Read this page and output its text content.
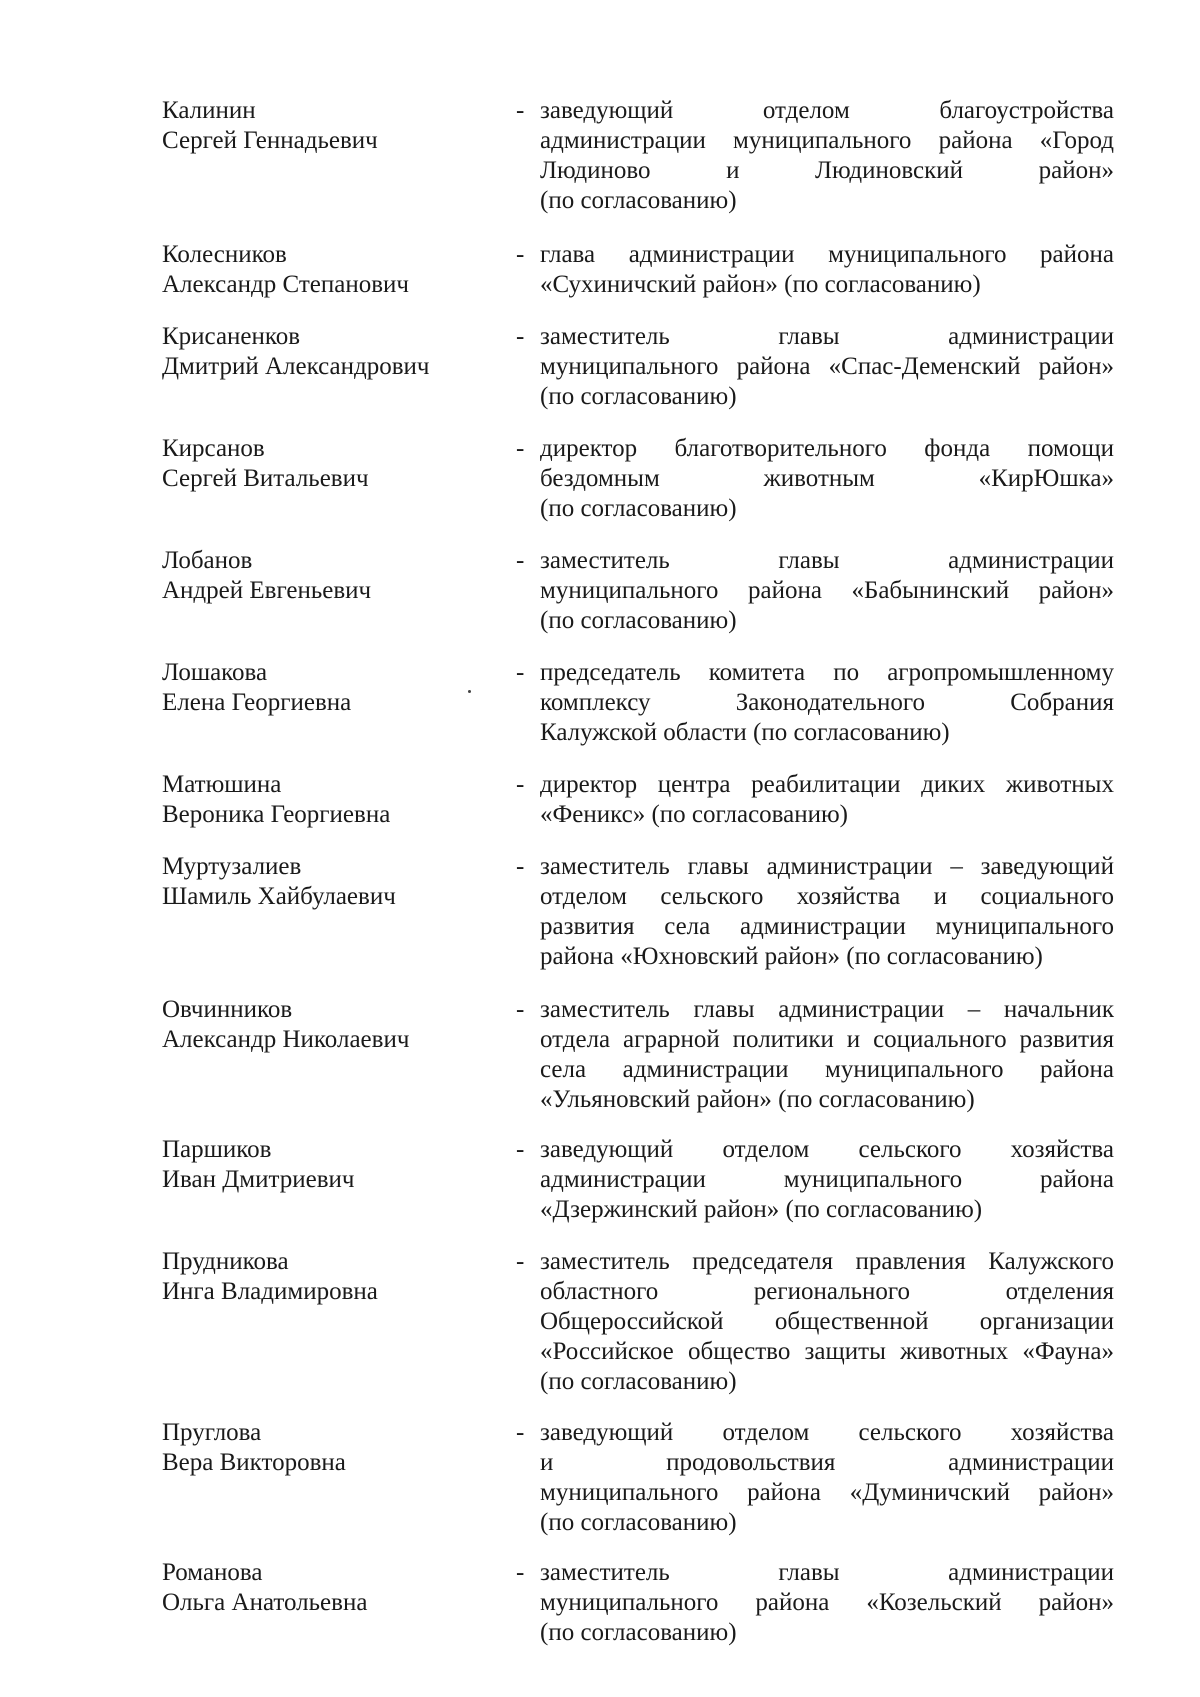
Калинин
Сергей Геннадьевич
- заведующий	отделом	благоустройства
администрации муниципального района «Город
Людиново	и	Людиновский	район»
(по согласованию)
Колесников
Александр Степанович
- глава администрации муниципального района
«Сухиничский район» (по согласованию)
Крисаненков
Дмитрий Александрович
- заместитель	главы	администрации
муниципального района «Спас-Деменский район»
(по согласованию)
Кирсанов
Сергей Витальевич
- директор благотворительного фонда помощи
бездомным	животным	«КирЮшка»
(по согласованию)
Лобанов
Андрей Евгеньевич
- заместитель	главы	администрации
муниципального района «Бабынинский район»
(по согласованию)
Лошакова
Елена Георгиевна
- председатель комитета по агропромышленному
комплексу	Законодательного	Собрания
Калужской области (по согласованию)
Матюшина
Вероника Георгиевна
- директор центра реабилитации диких животных
«Феникс» (по согласованию)
Муртузалиев
Шамиль Хайбулаевич
- заместитель главы администрации – заведующий
отделом сельского хозяйства и социального
развития села администрации муниципального
района «Юхновский район» (по согласованию)
Овчинников
Александр Николаевич
- заместитель главы администрации – начальник
отдела аграрной политики и социального развития
села администрации муниципального района
«Ульяновский район» (по согласованию)
Паршиков
Иван Дмитриевич
- заведующий отделом сельского хозяйства
администрации	муниципального	района
«Дзержинский район» (по согласованию)
Прудникова
Инга Владимировна
- заместитель председателя правления Калужского
областного	регионального	отделения
Общероссийской общественной организации
«Российское общество защиты животных «Фауна»
(по согласованию)
Пруглова
Вера Викторовна
- заведующий отделом сельского хозяйства
и	продовольствия	администрации
муниципального района «Думиничский район»
(по согласованию)
Романова
Ольга Анатольевна
- заместитель	главы	администрации
муниципального района «Козельский район»
(по согласованию)
